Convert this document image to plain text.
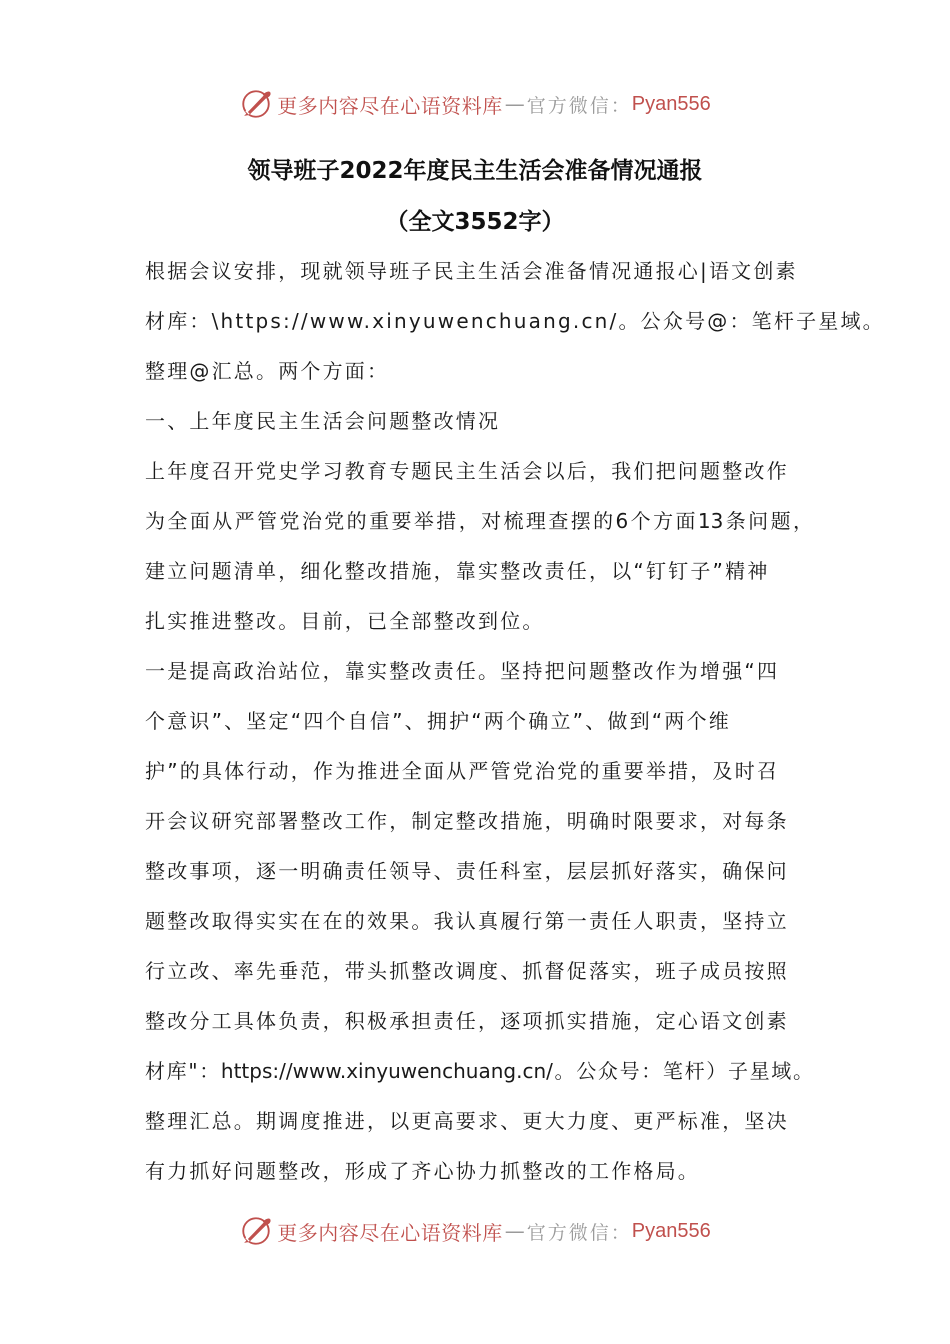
更多内容尽在心语资料库 — 官方微信： Pyan556
领导班子2022年度民主生活会准备情况通报
（全文3552字）
根据会议安排，现就领导班子民主生活会准备情况通报心|语文创素
材库：\https://www.xinyuwenchuang.cn/。公众号@：笔杆子星域。
整理@汇总。两个方面：
一、上年度民主生活会问题整改情况
上年度召开党史学习教育专题民主生活会以后，我们把问题整改作
为全面从严管党治党的重要举措，对梳理查摆的6个方面13条问题，
建立问题清单，细化整改措施，靠实整改责任，以“钉钉子”精神
扎实推进整改。目前，已全部整改到位。
一是提高政治站位，靠实整改责任。坚持把问题整改作为增强“四
个意识”、坚定“四个自信”、拥护“两个确立”、做到“两个维
护”的具体行动，作为推进全面从严管党治党的重要举措，及时召
开会议研究部署整改工作，制定整改措施，明确时限要求，对每条
整改事项，逐一明确责任领导、责任科室，层层抓好落实，确保问
题整改取得实实在在的效果。我认真履行第一责任人职责，坚持立
行立改、率先垂范，带头抓整改调度、抓督促落实，班子成员按照
整改分工具体负责，积极承担责任，逐项抓实措施，定心语文创素
材库"：https://www.xinyuwenchuang.cn/。公众号：笔杆）子星域。
整理汇总。期调度推进，以更高要求、更大力度、更严标准，坚决
有力抓好问题整改，形成了齐心协力抓整改的工作格局。
更多内容尽在心语资料库 — 官方微信： Pyan556
